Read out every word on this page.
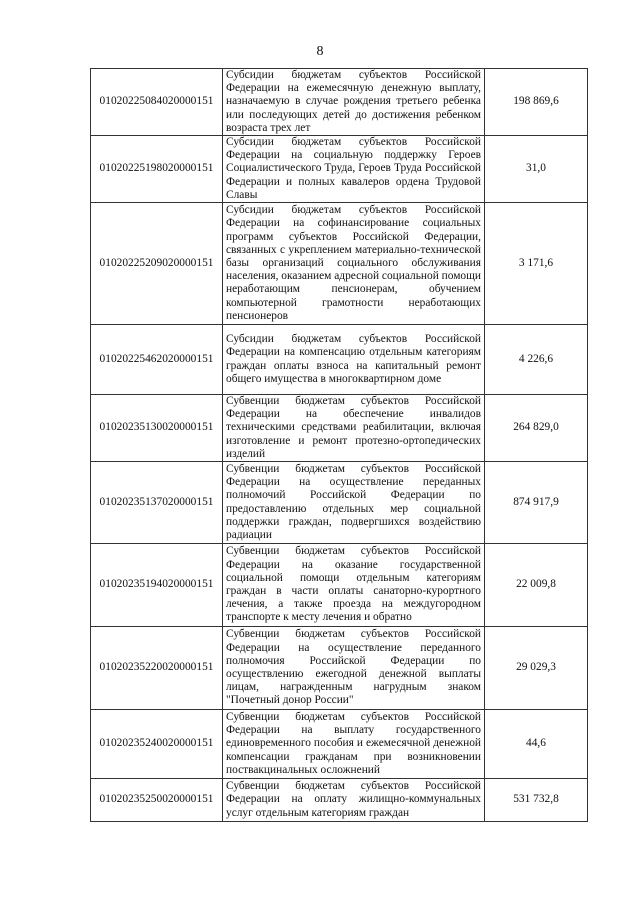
8
01020225084020000151	Субсидии бюджетам субъектов Российской Федерации на ежемесячную денежную выплату, назначаемую в случае рождения третьего ребенка или последующих детей до достижения ребенком возраста трех лет	198 869,6
01020225198020000151	Субсидии бюджетам субъектов Российской Федерации на социальную поддержку Героев Социалистического Труда, Героев Труда Российской Федерации и полных кавалеров ордена Трудовой Славы	31,0
01020225209020000151	Субсидии бюджетам субъектов Российской Федерации на софинансирование социальных программ субъектов Российской Федерации, связанных с укреплением материально-технической базы организаций социального обслуживания населения, оказанием адресной социальной помощи неработающим пенсионерам, обучением компьютерной грамотности неработающих пенсионеров	3 171,6
01020225462020000151	Субсидии бюджетам субъектов Российской Федерации на компенсацию отдельным категориям граждан оплаты взноса на капитальный ремонт общего имущества в многоквартирном доме	4 226,6
01020235130020000151	Субвенции бюджетам субъектов Российской Федерации на обеспечение инвалидов техническими средствами реабилитации, включая изготовление и ремонт протезно-ортопедических изделий	264 829,0
01020235137020000151	Субвенции бюджетам субъектов Российской Федерации на осуществление переданных полномочий Российской Федерации по предоставлению отдельных мер социальной поддержки граждан, подвергшихся воздействию радиации	874 917,9
01020235194020000151	Субвенции бюджетам субъектов Российской Федерации на оказание государственной социальной помощи отдельным категориям граждан в части оплаты санаторно-курортного лечения, а также проезда на междугородном транспорте к месту лечения и обратно	22 009,8
01020235220020000151	Субвенции бюджетам субъектов Российской Федерации на осуществление переданного полномочия Российской Федерации по осуществлению ежегодной денежной выплаты лицам, награжденным нагрудным знаком "Почетный донор России"	29 029,3
01020235240020000151	Субвенции бюджетам субъектов Российской Федерации на выплату государственного единовременного пособия и ежемесячной денежной компенсации гражданам при возникновении поствакцинальных осложнений	44,6
01020235250020000151	Субвенции бюджетам субъектов Российской Федерации на оплату жилищно-коммунальных услуг отдельным категориям граждан	531 732,8
